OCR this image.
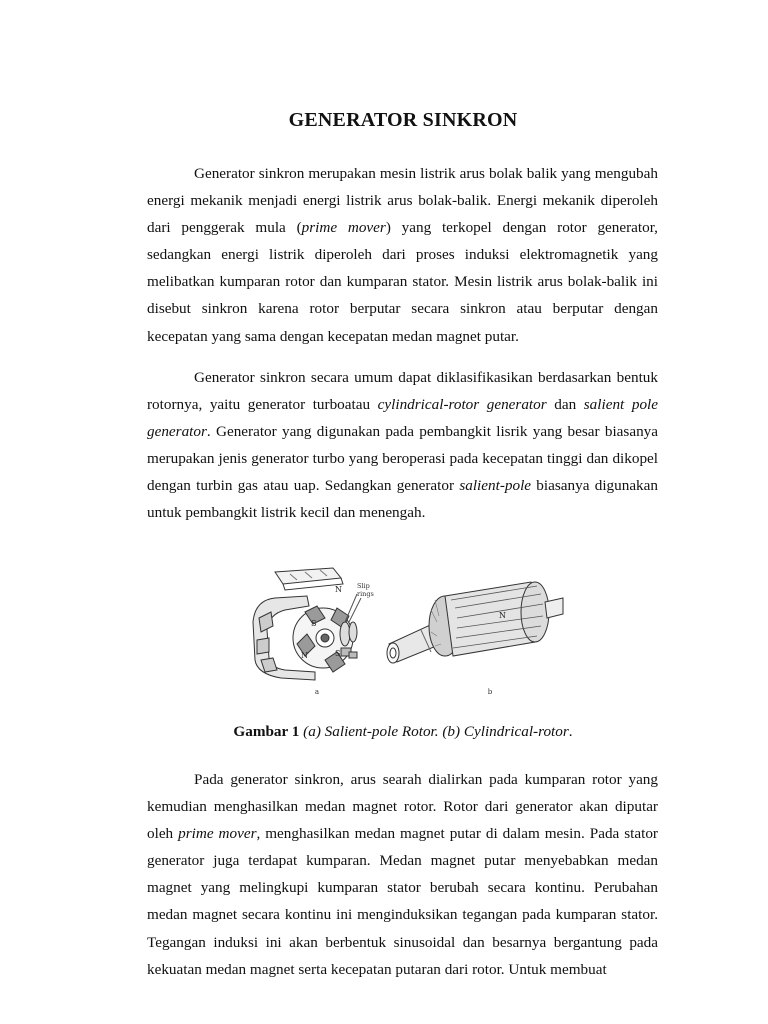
GENERATOR SINKRON

Generator sinkron merupakan mesin listrik arus bolak balik yang mengubah energi mekanik menjadi energi listrik arus bolak-balik. Energi mekanik diperoleh dari penggerak mula (prime mover) yang terkopel dengan rotor generator, sedangkan energi listrik diperoleh dari proses induksi elektromagnetik yang melibatkan kumparan rotor dan kumparan stator. Mesin listrik arus bolak-balik ini disebut sinkron karena rotor berputar secara sinkron atau berputar dengan kecepatan yang sama dengan kecepatan medan magnet putar.

Generator sinkron secara umum dapat diklasifikasikan berdasarkan bentuk rotornya, yaitu generator turboatau cylindrical-rotor generator dan salient pole generator. Generator yang digunakan pada pembangkit lisrik yang besar biasanya merupakan jenis generator turbo yang beroperasi pada kecepatan tinggi dan dikopel dengan turbin gas atau uap. Sedangkan generator salient-pole biasanya digunakan untuk pembangkit listrik kecil dan menengah.

Slip
rings
N
S
N	S
N
a	b
Gambar 1 (a) Salient-pole Rotor. (b) Cylindrical-rotor.

Pada generator sinkron, arus searah dialirkan pada kumparan rotor yang kemudian menghasilkan medan magnet rotor. Rotor dari generator akan diputar oleh prime mover, menghasilkan medan magnet putar di dalam mesin. Pada stator generator juga terdapat kumparan. Medan magnet putar menyebabkan medan magnet yang melingkupi kumparan stator berubah secara kontinu. Perubahan medan magnet secara kontinu ini menginduksikan tegangan pada kumparan stator. Tegangan induksi ini akan berbentuk sinusoidal dan besarnya bergantung pada kekuatan medan magnet serta kecepatan putaran dari rotor. Untuk membuat
